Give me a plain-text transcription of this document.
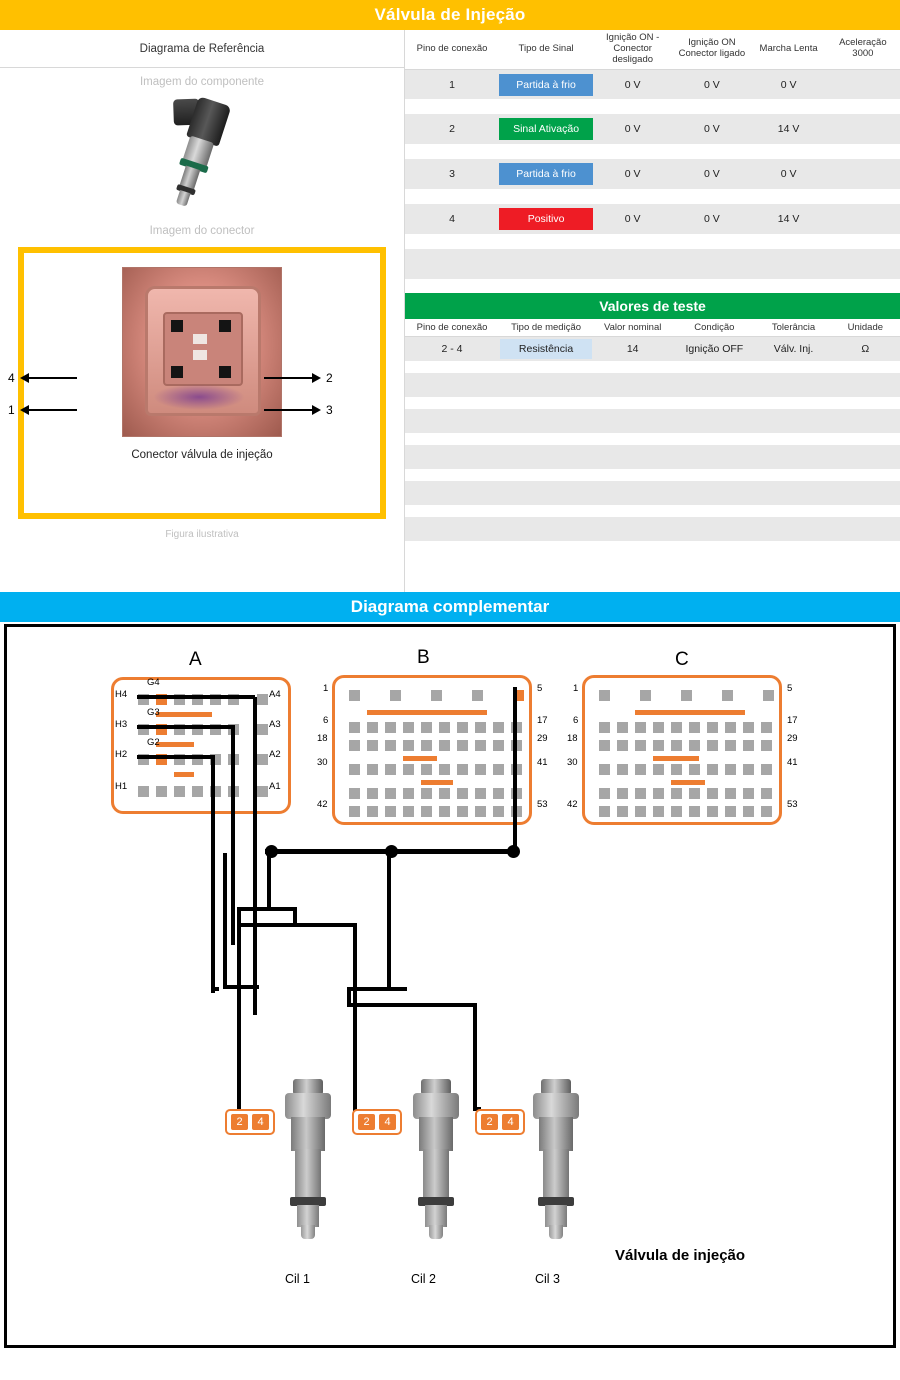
Válvula de Injeção
Diagrama de Referência
Imagem do componente
Imagem do conector
4
1
2
3
Conector válvula de injeção
Figura ilustrativa
Pino de conexão	Tipo de Sinal	Ignição ON - Conector desligado	Ignição ON Conector ligado	Marcha Lenta	Aceleração 3000
1	Partida à frio	0 V	0 V	0 V	

2	Sinal Ativação	0 V	0 V	14 V	

3	Partida à frio	0 V	0 V	0 V	

4	Positivo	0 V	0 V	14 V	

Valores de teste
Pino de conexão	Tipo de medição	Valor nominal	Condição	Tolerância	Unidade
2 - 4	Resistência	14	Ignição OFF	Válv. Inj.	Ω

Diagrama complementar
A	B	C
H4
H3
H2
H1
A4
A3
A2
A1
G4
G3
G2
1
6
18
30
42
5
17
29
41
53
1
6
18
30
42
5
17
29
41
53
2	4	2	4	2	4
Cil 1	Cil 2	Cil 3
Válvula de injeção
